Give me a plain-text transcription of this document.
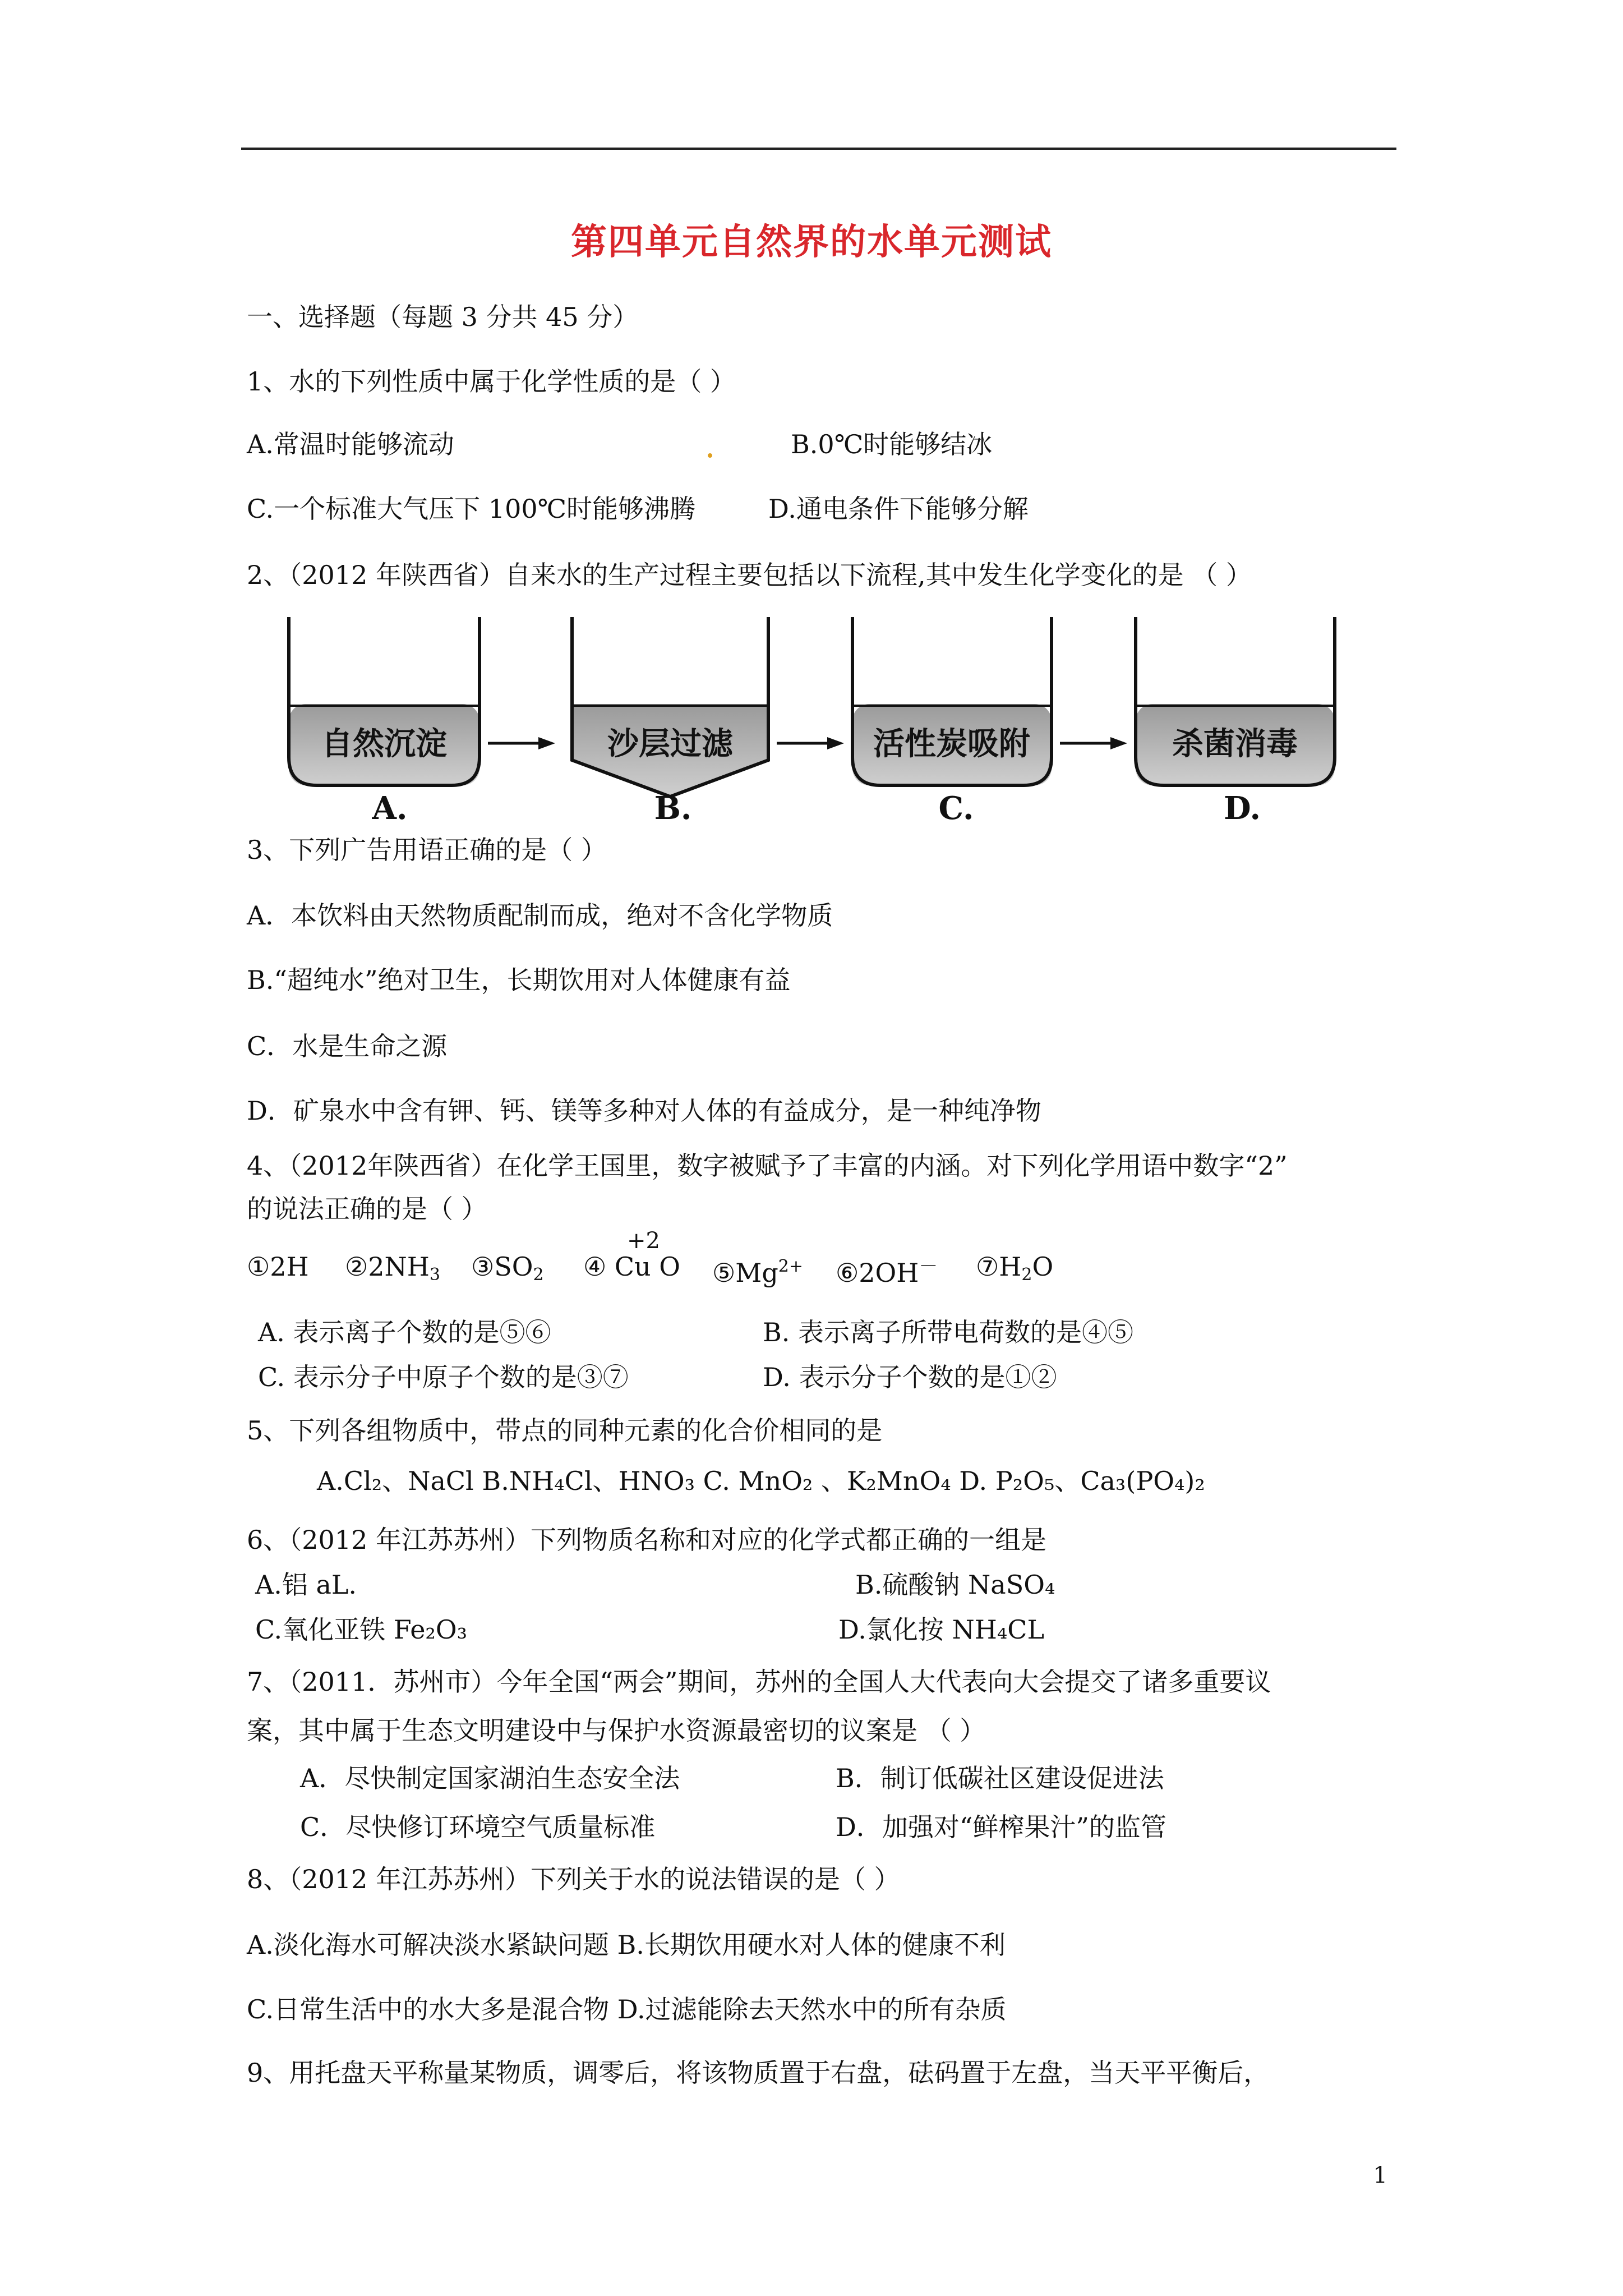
第四单元自然界的水单元测试
一、选择题（每题 3 分共 45 分）
1、水的下列性质中属于化学性质的是（ ）
A.常温时能够流动	B.0℃时能够结冰
C.一个标准大气压下 100℃时能够沸腾	D.通电条件下能够分解
2、（2012 年陕西省）自来水的生产过程主要包括以下流程,其中发生化学变化的是 （ ）
自然沉淀	沙层过滤	活性炭吸附	杀菌消毒
A.	B.	C.	D.
3、下列广告用语正确的是（ ）
A．本饮料由天然物质配制而成，绝对不含化学物质
B.“超纯水”绝对卫生，长期饮用对人体健康有益
C．水是生命之源
D．矿泉水中含有钾、钙、镁等多种对人体的有益成分，是一种纯净物
4、（2012年陕西省）在化学王国里，数字被赋予了丰富的内涵。对下列化学用语中数字“2”
的说法正确的是（ ）
①2H $②2NH_3$ $③SO_2$
+2
④ Cu O $⑤Mg^{2+}$ ⑥2OH－ $⑦H_2O$
A. 表示离子个数的是⑤⑥	B. 表示离子所带电荷数的是④⑤
C. 表示分子中原子个数的是③⑦	D. 表示分子个数的是①②
5、下列各组物质中，带点的同种元素的化合价相同的是
A.Cl₂、NaCl B.NH₄Cl、HNO₃ C. MnO₂ 、K₂MnO₄ D. P₂O₅、Ca₃(PO₄)₂
6、（2012 年江苏苏州）下列物质名称和对应的化学式都正确的一组是
A.铝 aL.	B.硫酸钠 NaSO₄
C.氧化亚铁 Fe₂O₃	D.氯化按 NH₄CL
7、（2011．苏州市）今年全国“两会”期间，苏州的全国人大代表向大会提交了诸多重要议
案，其中属于生态文明建设中与保护水资源最密切的议案是 （ ）
A．尽快制定国家湖泊生态安全法	B．制订低碳社区建设促进法
C．尽快修订环境空气质量标准	D．加强对“鲜榨果汁”的监管
8、（2012 年江苏苏州）下列关于水的说法错误的是（ ）
A.淡化海水可解决淡水紧缺问题 B.长期饮用硬水对人体的健康不利
C.日常生活中的水大多是混合物 D.过滤能除去天然水中的所有杂质
9、用托盘天平称量某物质，调零后，将该物质置于右盘，砝码置于左盘，当天平平衡后，
1
